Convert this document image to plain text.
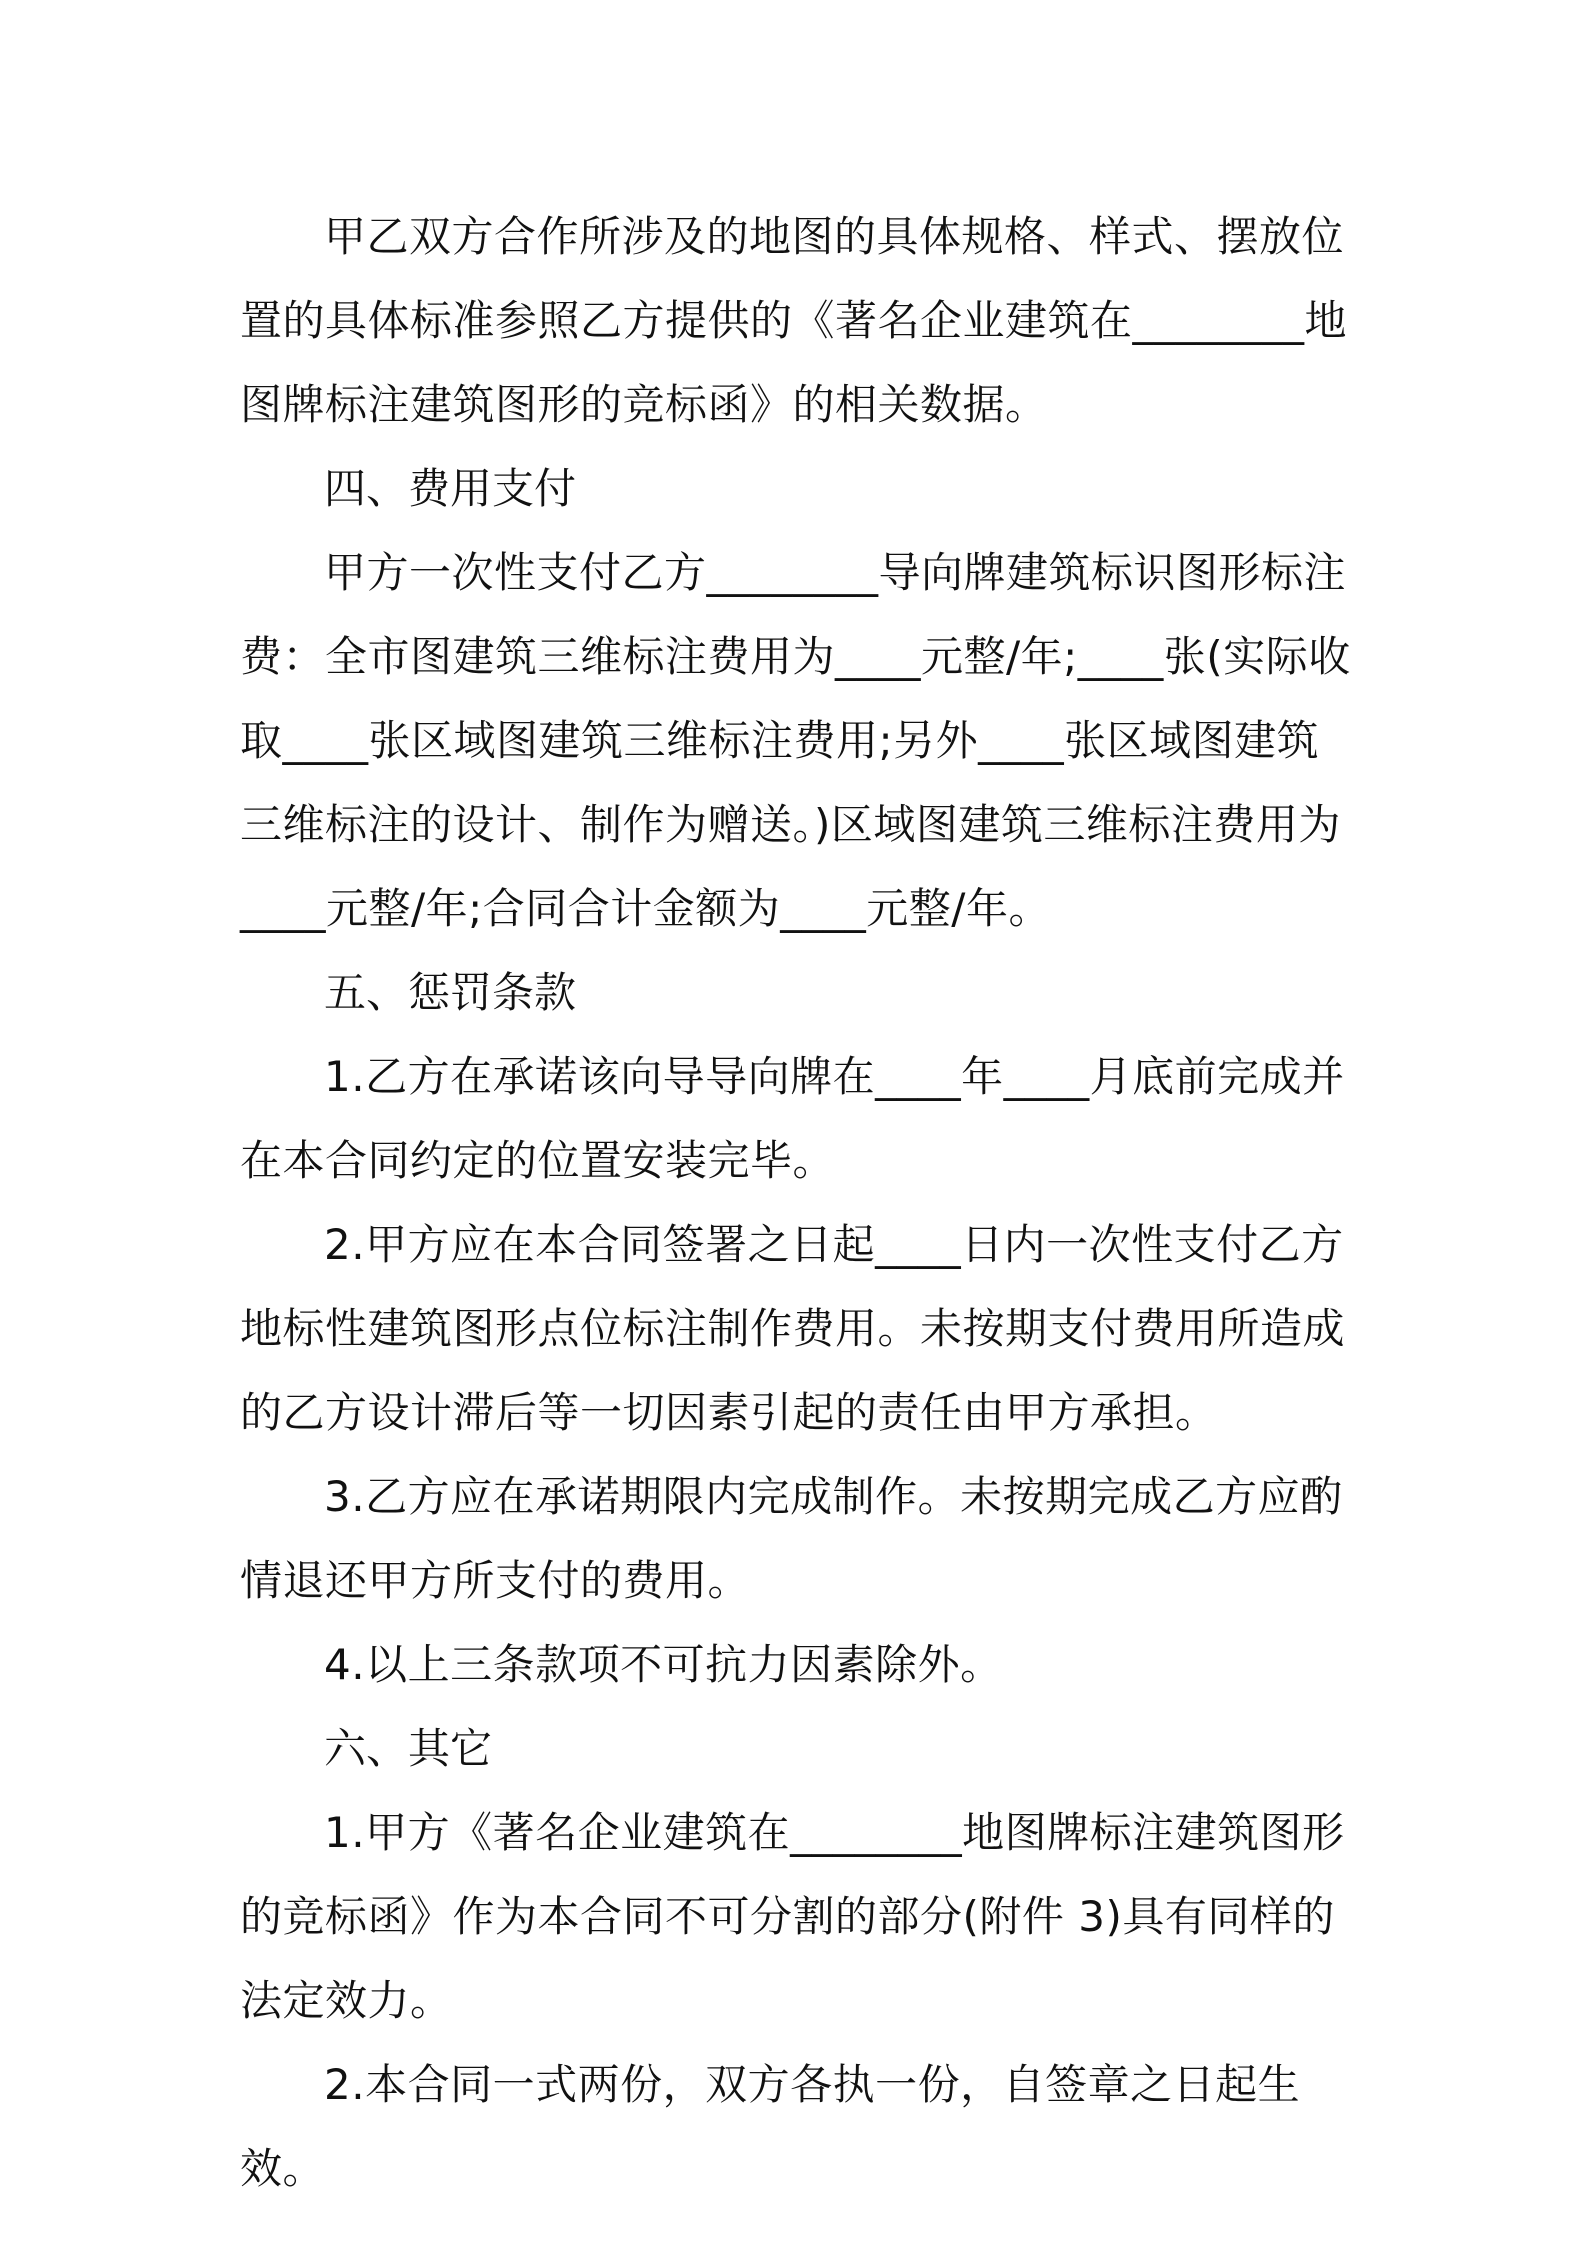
甲乙双方合作所涉及的地图的具体规格、样式、摆放位置的具体标准参照乙方提供的《著名企业建筑在________地图牌标注建筑图形的竞标函》的相关数据。

四、费用支付

甲方一次性支付乙方________导向牌建筑标识图形标注费：全市图建筑三维标注费用为____元整/年;____张(实际收取____张区域图建筑三维标注费用;另外____张区域图建筑三维标注的设计、制作为赠送。)区域图建筑三维标注费用为____元整/年;合同合计金额为____元整/年。

五、惩罚条款

1.乙方在承诺该向导导向牌在____年____月底前完成并在本合同约定的位置安装完毕。

2.甲方应在本合同签署之日起____日内一次性支付乙方地标性建筑图形点位标注制作费用。未按期支付费用所造成的乙方设计滞后等一切因素引起的责任由甲方承担。

3.乙方应在承诺期限内完成制作。未按期完成乙方应酌情退还甲方所支付的费用。

4.以上三条款项不可抗力因素除外。

六、其它

1.甲方《著名企业建筑在________地图牌标注建筑图形的竞标函》作为本合同不可分割的部分(附件 3)具有同样的法定效力。

2.本合同一式两份，双方各执一份，自签章之日起生效。
